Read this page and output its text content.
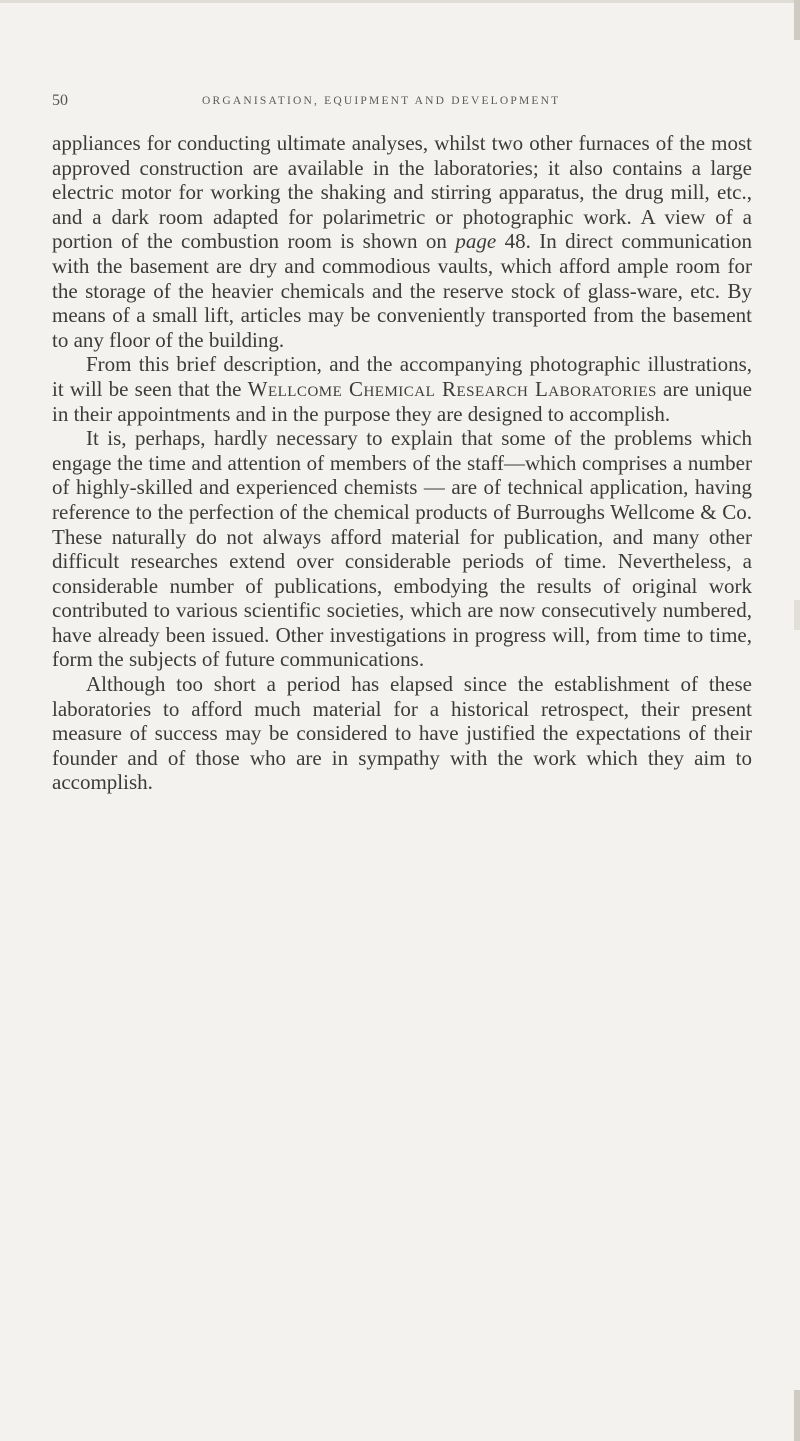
50	ORGANISATION, EQUIPMENT AND DEVELOPMENT

appliances for conducting ultimate analyses, whilst two other furnaces of the most approved construction are available in the laboratories; it also contains a large electric motor for working the shaking and stirring apparatus, the drug mill, etc., and a dark room adapted for polarimetric or photographic work. A view of a portion of the combustion room is shown on page 48. In direct communication with the basement are dry and commodious vaults, which afford ample room for the storage of the heavier chemicals and the reserve stock of glass-ware, etc. By means of a small lift, articles may be conveniently transported from the basement to any floor of the building.

From this brief description, and the accompanying photographic illustrations, it will be seen that the Wellcome Chemical Research Laboratories are unique in their appointments and in the purpose they are designed to accomplish.

It is, perhaps, hardly necessary to explain that some of the problems which engage the time and attention of members of the staff—which comprises a number of highly-skilled and experienced chemists — are of technical application, having reference to the perfection of the chemical products of Burroughs Wellcome & Co. These naturally do not always afford material for publication, and many other difficult researches extend over considerable periods of time. Nevertheless, a considerable number of publications, embodying the results of original work contributed to various scientific societies, which are now consecutively numbered, have already been issued. Other investigations in progress will, from time to time, form the subjects of future communications.

Although too short a period has elapsed since the establishment of these laboratories to afford much material for a historical retrospect, their present measure of success may be considered to have justified the expectations of their founder and of those who are in sympathy with the work which they aim to accomplish.
